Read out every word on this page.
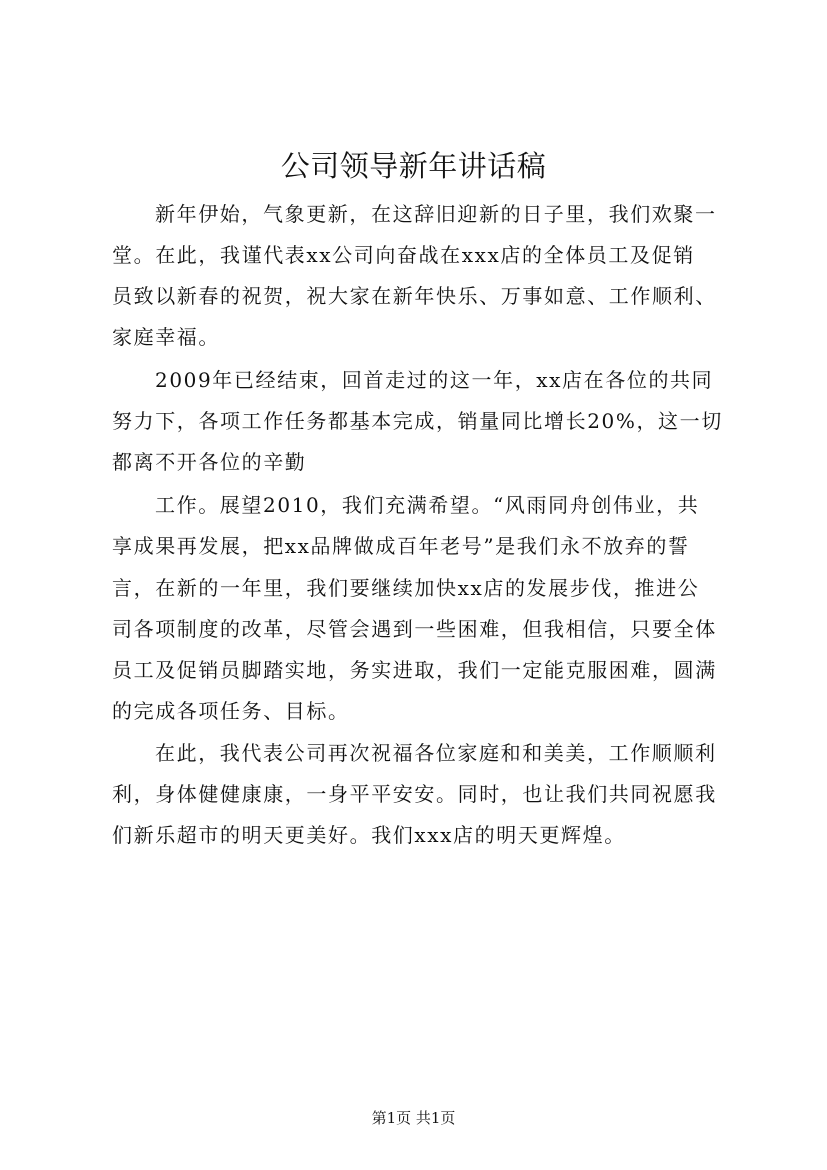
公司领导新年讲话稿
新年伊始，气象更新，在这辞旧迎新的日子里，我们欢聚一
堂。在此，我谨代表xx公司向奋战在xxx店的全体员工及促销
员致以新春的祝贺，祝大家在新年快乐、万事如意、工作顺利、
家庭幸福。
2009年已经结束，回首走过的这一年，xx店在各位的共同
努力下，各项工作任务都基本完成，销量同比增长20%，这一切
都离不开各位的辛勤
工作。展望2010，我们充满希望。“风雨同舟创伟业，共
享成果再发展，把xx品牌做成百年老号”是我们永不放弃的誓
言，在新的一年里，我们要继续加快xx店的发展步伐，推进公
司各项制度的改革，尽管会遇到一些困难，但我相信，只要全体
员工及促销员脚踏实地，务实进取，我们一定能克服困难，圆满
的完成各项任务、目标。
在此，我代表公司再次祝福各位家庭和和美美，工作顺顺利
利，身体健健康康，一身平平安安。同时，也让我们共同祝愿我
们新乐超市的明天更美好。我们xxx店的明天更辉煌。
第1页 共1页
